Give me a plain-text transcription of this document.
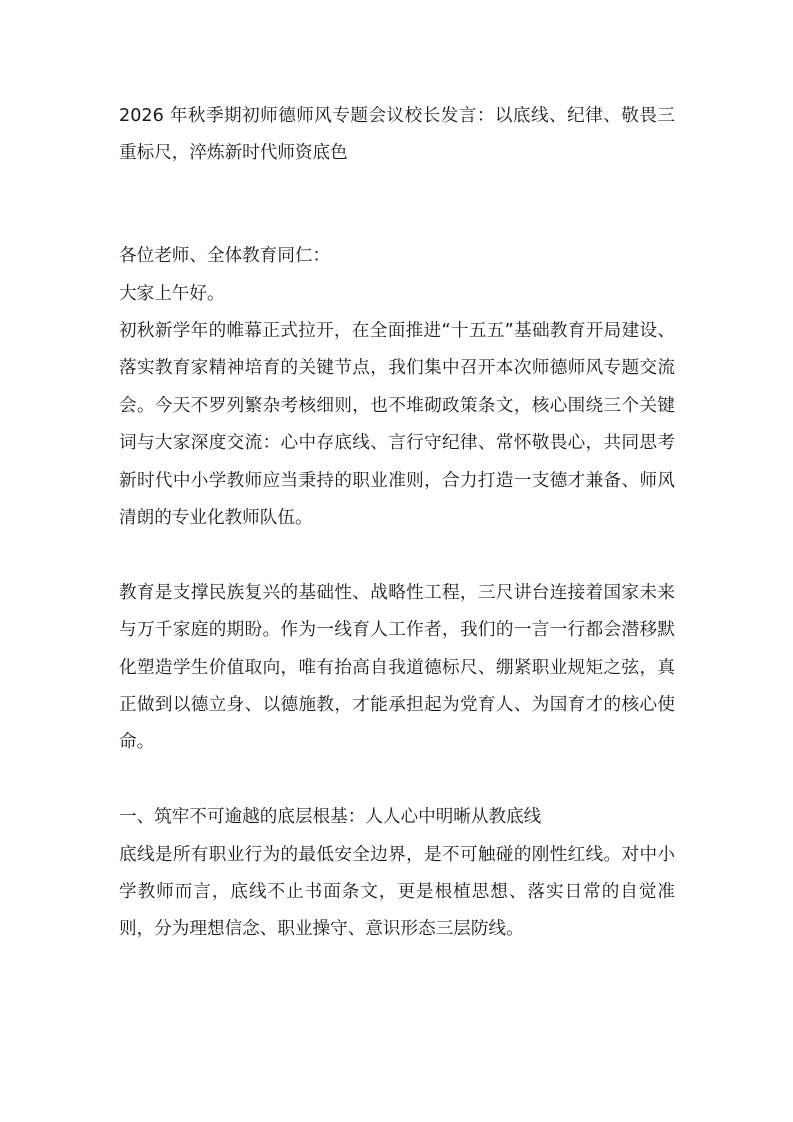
2026 年秋季期初师德师风专题会议校长发言：以底线、纪律、敬畏三重标尺，淬炼新时代师资底色

各位老师、全体教育同仁：

大家上午好。

初秋新学年的帷幕正式拉开，在全面推进“十五五”基础教育开局建设、落实教育家精神培育的关键节点，我们集中召开本次师德师风专题交流会。今天不罗列繁杂考核细则，也不堆砌政策条文，核心围绕三个关键词与大家深度交流：心中存底线、言行守纪律、常怀敬畏心，共同思考新时代中小学教师应当秉持的职业准则，合力打造一支德才兼备、师风清朗的专业化教师队伍。

教育是支撑民族复兴的基础性、战略性工程，三尺讲台连接着国家未来与万千家庭的期盼。作为一线育人工作者，我们的一言一行都会潜移默化塑造学生价值取向，唯有抬高自我道德标尺、绷紧职业规矩之弦，真正做到以德立身、以德施教，才能承担起为党育人、为国育才的核心使命。

一、筑牢不可逾越的底层根基：人人心中明晰从教底线

底线是所有职业行为的最低安全边界，是不可触碰的刚性红线。对中小学教师而言，底线不止书面条文，更是根植思想、落实日常的自觉准则，分为理想信念、职业操守、意识形态三层防线。
